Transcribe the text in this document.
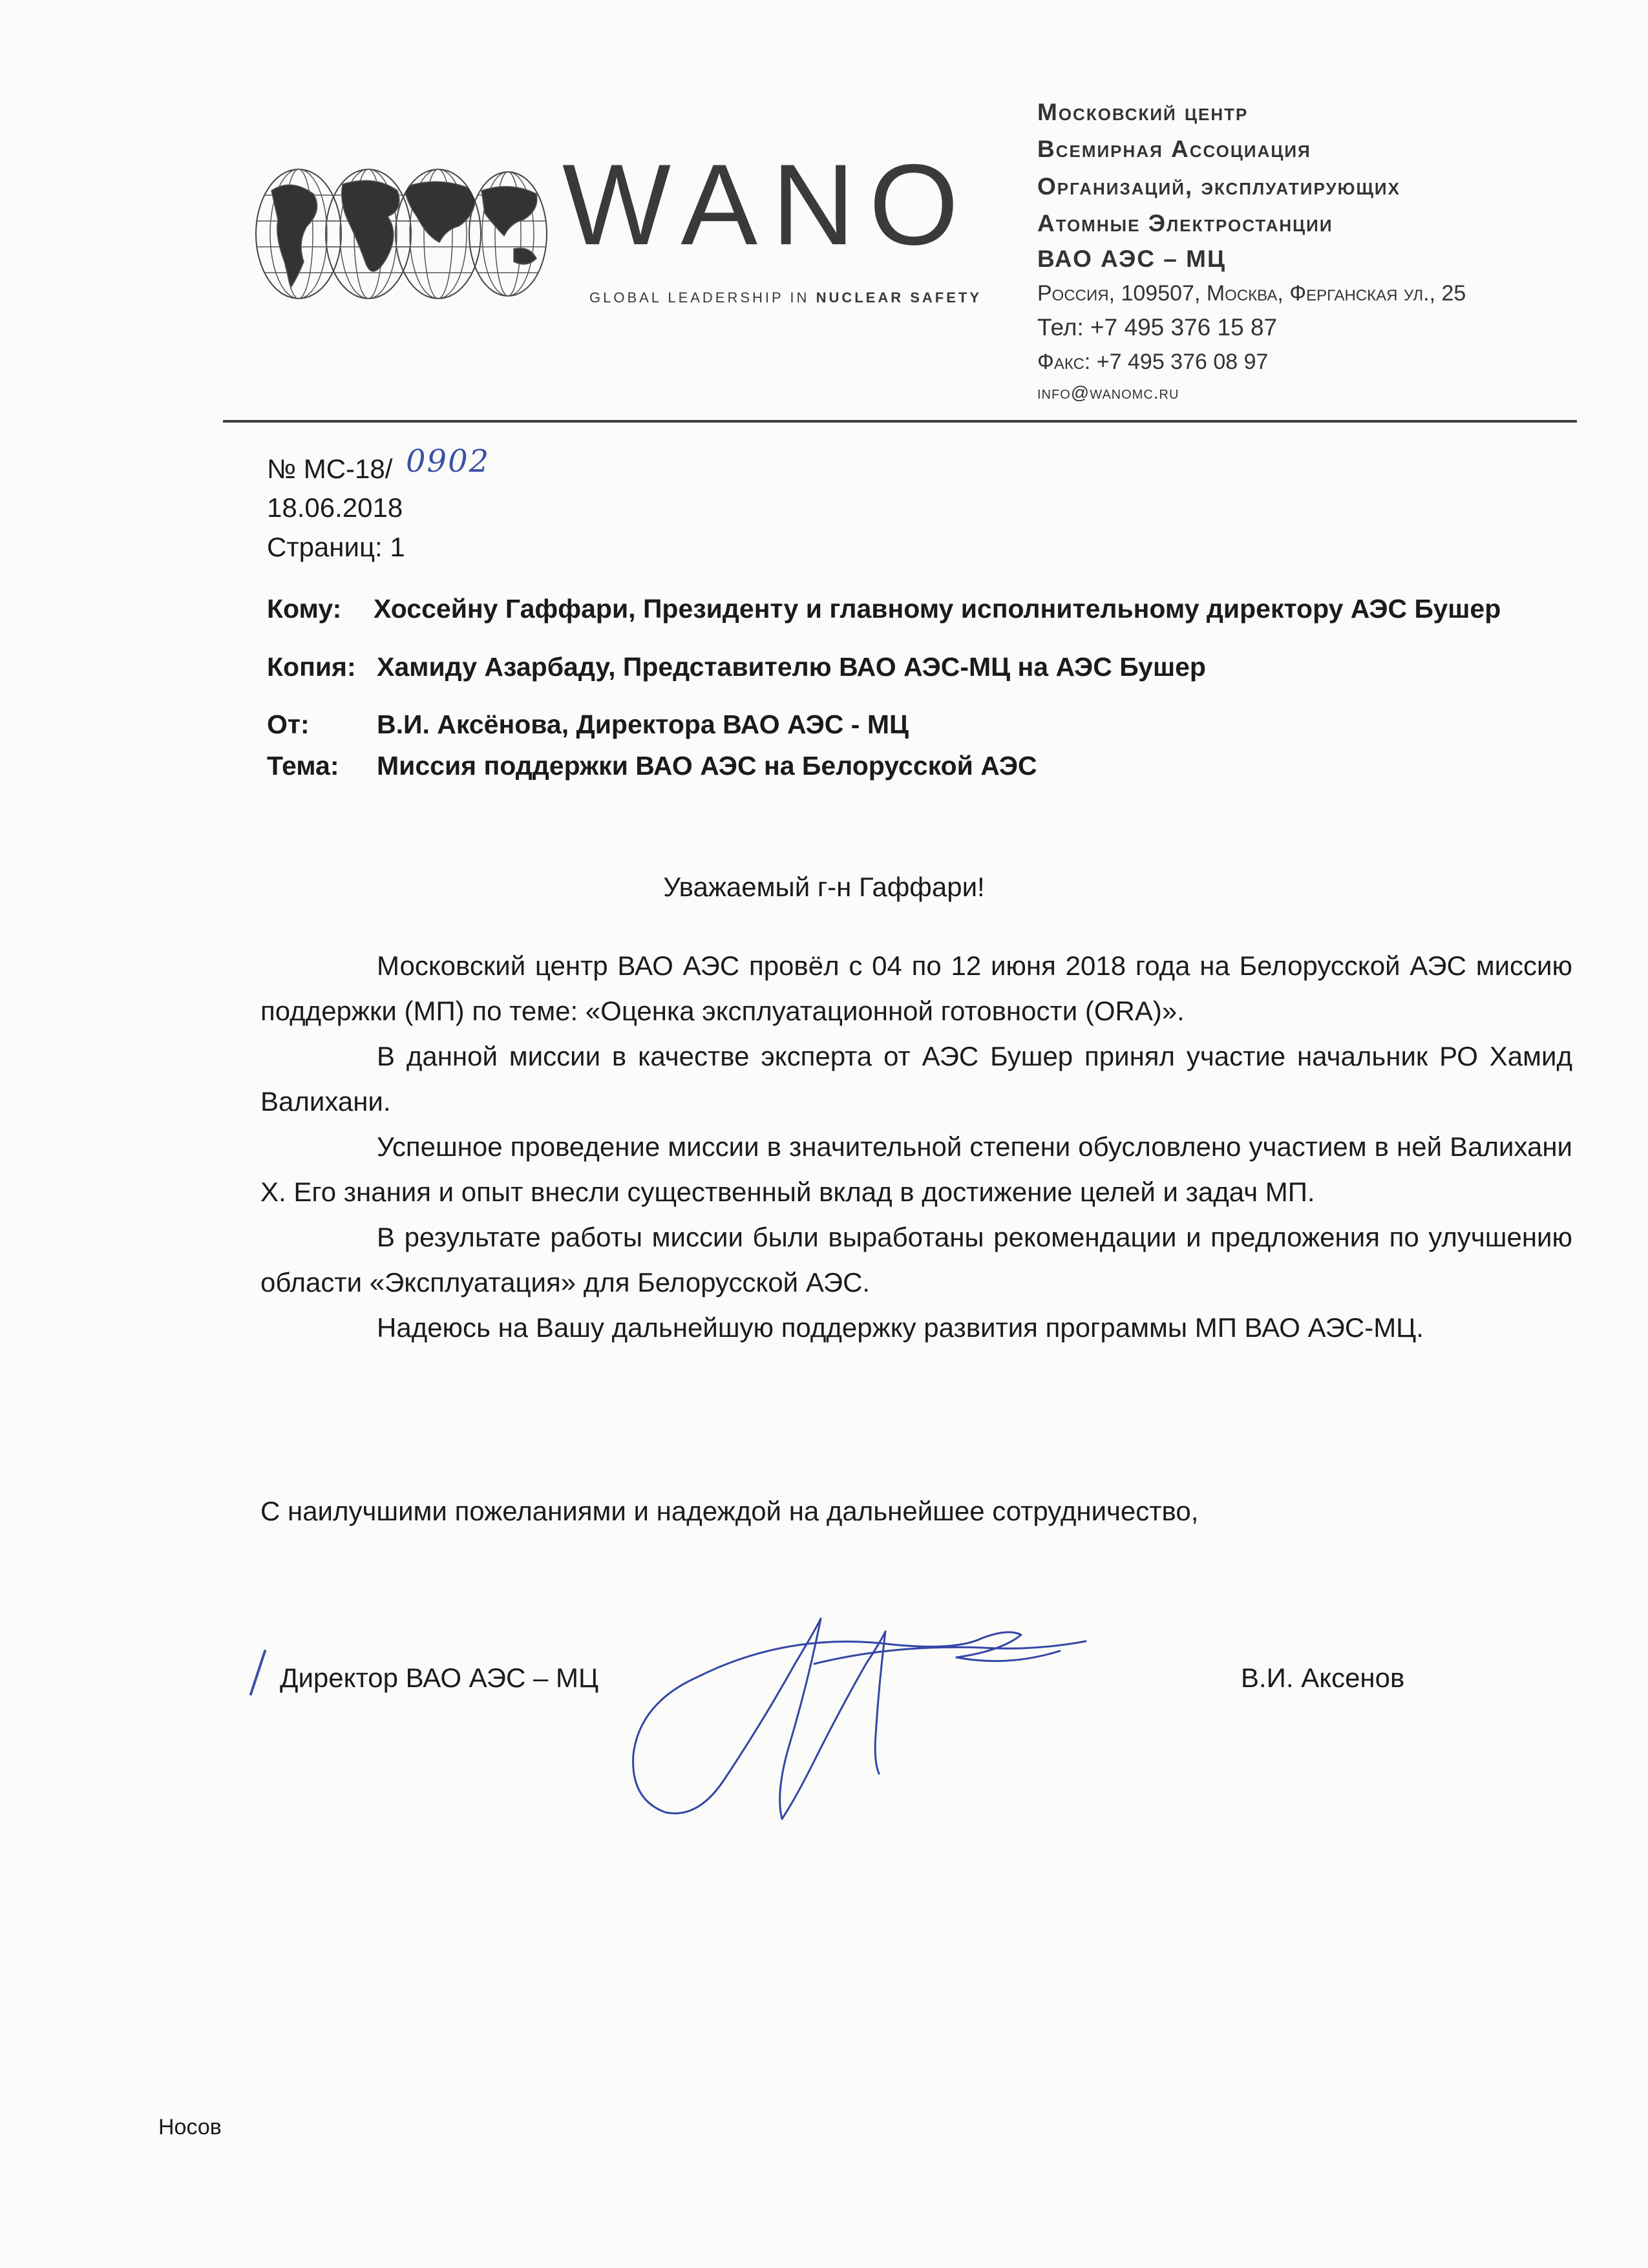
WANO
GLOBAL LEADERSHIP IN NUCLEAR SAFETY
Московский центр
Всемирная Ассоциация
Организаций, эксплуатирующих
Атомные Электростанции
ВАО АЭС – МЦ
Россия, 109507, Москва, Ферганская ул., 25
Тел: +7 495 376 15 87
Факс: +7 495 376 08 97
info@wanomc.ru
№ МС-18/ 0902
18.06.2018
Страниц: 1
Кому: Хоссейну Гаффари, Президенту и главному исполнительному директору АЭС Бушер
Копия: Хамиду Азарбаду, Представителю ВАО АЭС-МЦ на АЭС Бушер
От:	В.И. Аксёнова, Директора ВАО АЭС - МЦ
Тема: Миссия поддержки ВАО АЭС на Белорусской АЭС
Уважаемый г-н Гаффари!

Московский центр ВАО АЭС провёл с 04 по 12 июня 2018 года на Белорусской АЭС миссию поддержки (МП) по теме: «Оценка эксплуатационной готовности (ORA)».

В данной миссии в качестве эксперта от АЭС Бушер принял участие начальник РО Хамид Валихани.

Успешное проведение миссии в значительной степени обусловлено участием в ней Валихани Х. Его знания и опыт внесли существенный вклад в достижение целей и задач МП.

В результате работы миссии были выработаны рекомендации и предложения по улучшению области «Эксплуатация» для Белорусской АЭС.

Надеюсь на Вашу дальнейшую поддержку развития программы МП ВАО АЭС-МЦ.

С наилучшими пожеланиями и надеждой на дальнейшее сотрудничество,
Директор ВАО АЭС – МЦ	В.И. Аксенов
Носов
